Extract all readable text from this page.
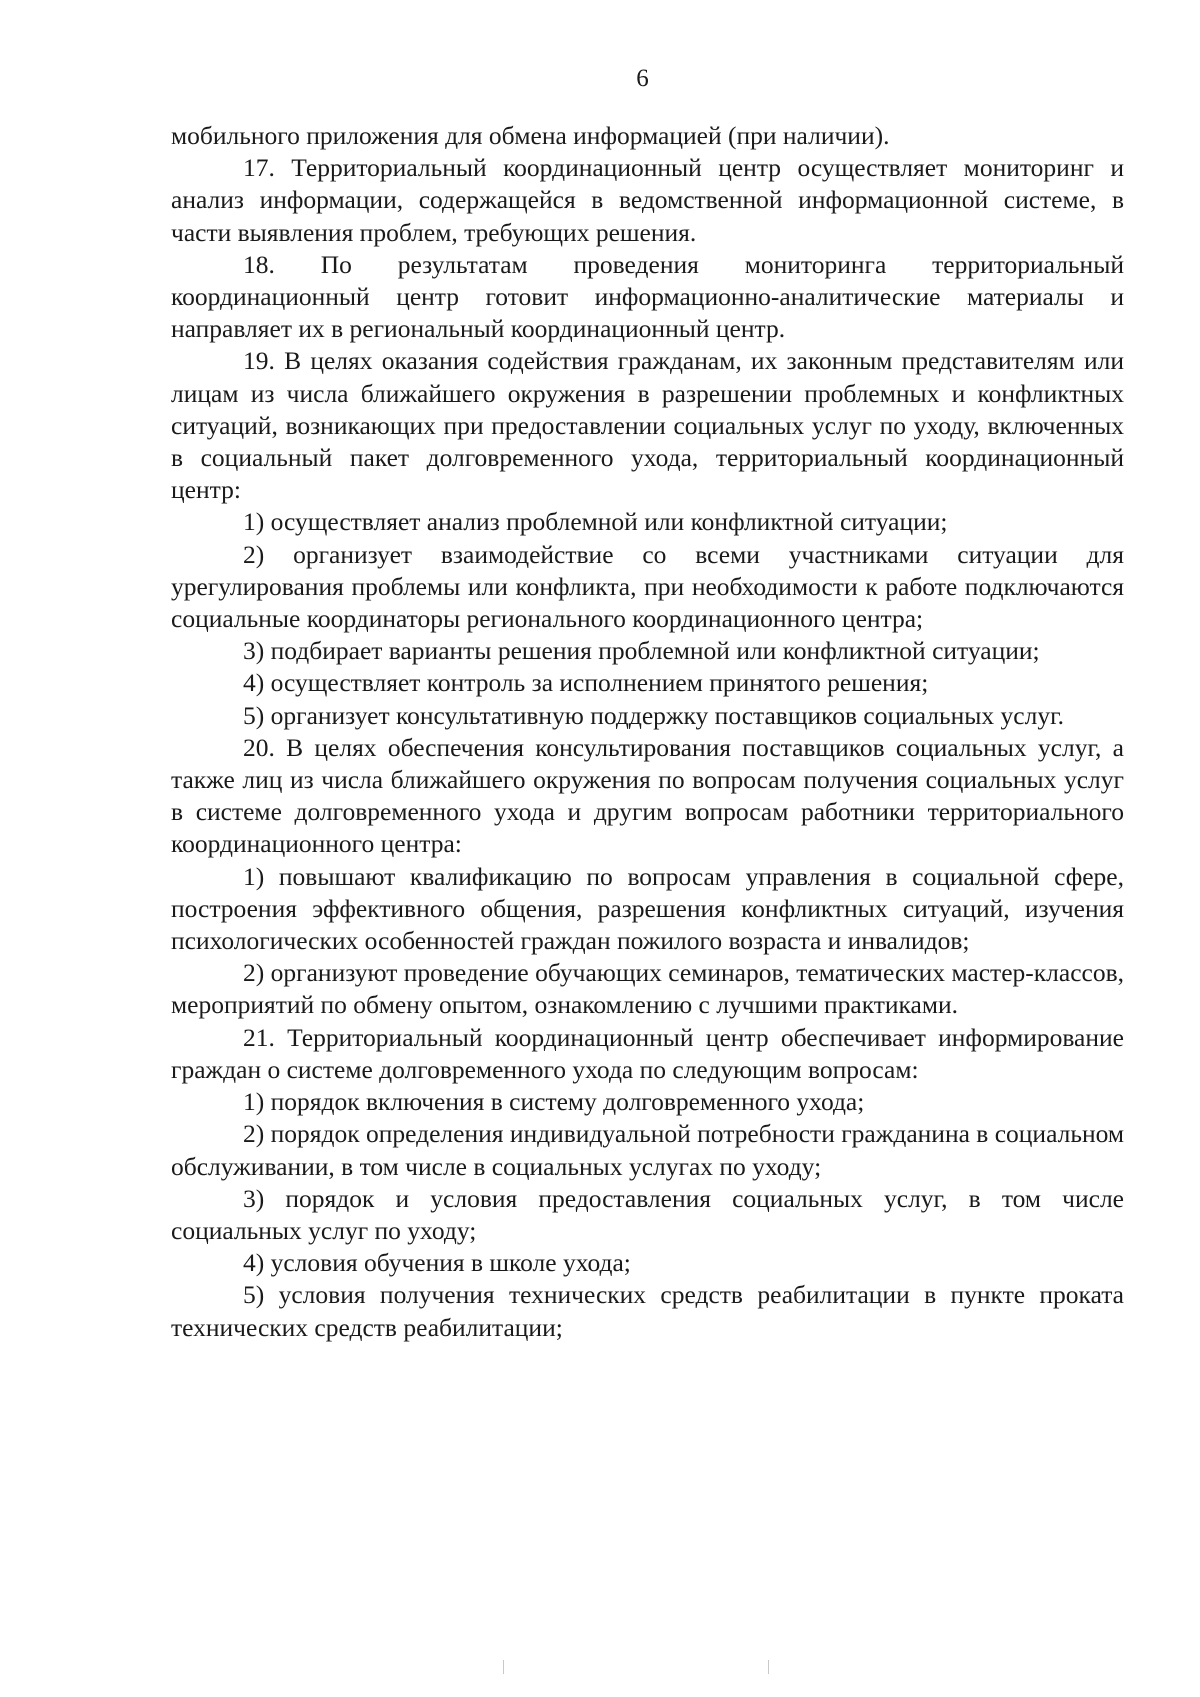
6

мобильного приложения для обмена информацией (при наличии).

17. Территориальный координационный центр осуществляет мониторинг и анализ информации, содержащейся в ведомственной информационной системе, в части выявления проблем, требующих решения.

18. По результатам проведения мониторинга территориальный координационный центр готовит информационно-аналитические материалы и направляет их в региональный координационный центр.

19. В целях оказания содействия гражданам, их законным представителям или лицам из числа ближайшего окружения в разрешении проблемных и конфликтных ситуаций, возникающих при предоставлении социальных услуг по уходу, включенных в социальный пакет долговременного ухода, территориальный координационный центр:

1) осуществляет анализ проблемной или конфликтной ситуации;

2) организует взаимодействие со всеми участниками ситуации для урегулирования проблемы или конфликта, при необходимости к работе подключаются социальные координаторы регионального координационного центра;

3) подбирает варианты решения проблемной или конфликтной ситуации;

4) осуществляет контроль за исполнением принятого решения;

5) организует консультативную поддержку поставщиков социальных услуг.

20. В целях обеспечения консультирования поставщиков социальных услуг, а также лиц из числа ближайшего окружения по вопросам получения социальных услуг в системе долговременного ухода и другим вопросам работники территориального координационного центра:

1) повышают квалификацию по вопросам управления в социальной сфере, построения эффективного общения, разрешения конфликтных ситуаций, изучения психологических особенностей граждан пожилого возраста и инвалидов;

2) организуют проведение обучающих семинаров, тематических мастер-классов, мероприятий по обмену опытом, ознакомлению с лучшими практиками.

21. Территориальный координационный центр обеспечивает информирование граждан о системе долговременного ухода по следующим вопросам:

1) порядок включения в систему долговременного ухода;

2) порядок определения индивидуальной потребности гражданина в социальном обслуживании, в том числе в социальных услугах по уходу;

3) порядок и условия предоставления социальных услуг, в том числе социальных услуг по уходу;

4) условия обучения в школе ухода;

5) условия получения технических средств реабилитации в пункте проката технических средств реабилитации;
